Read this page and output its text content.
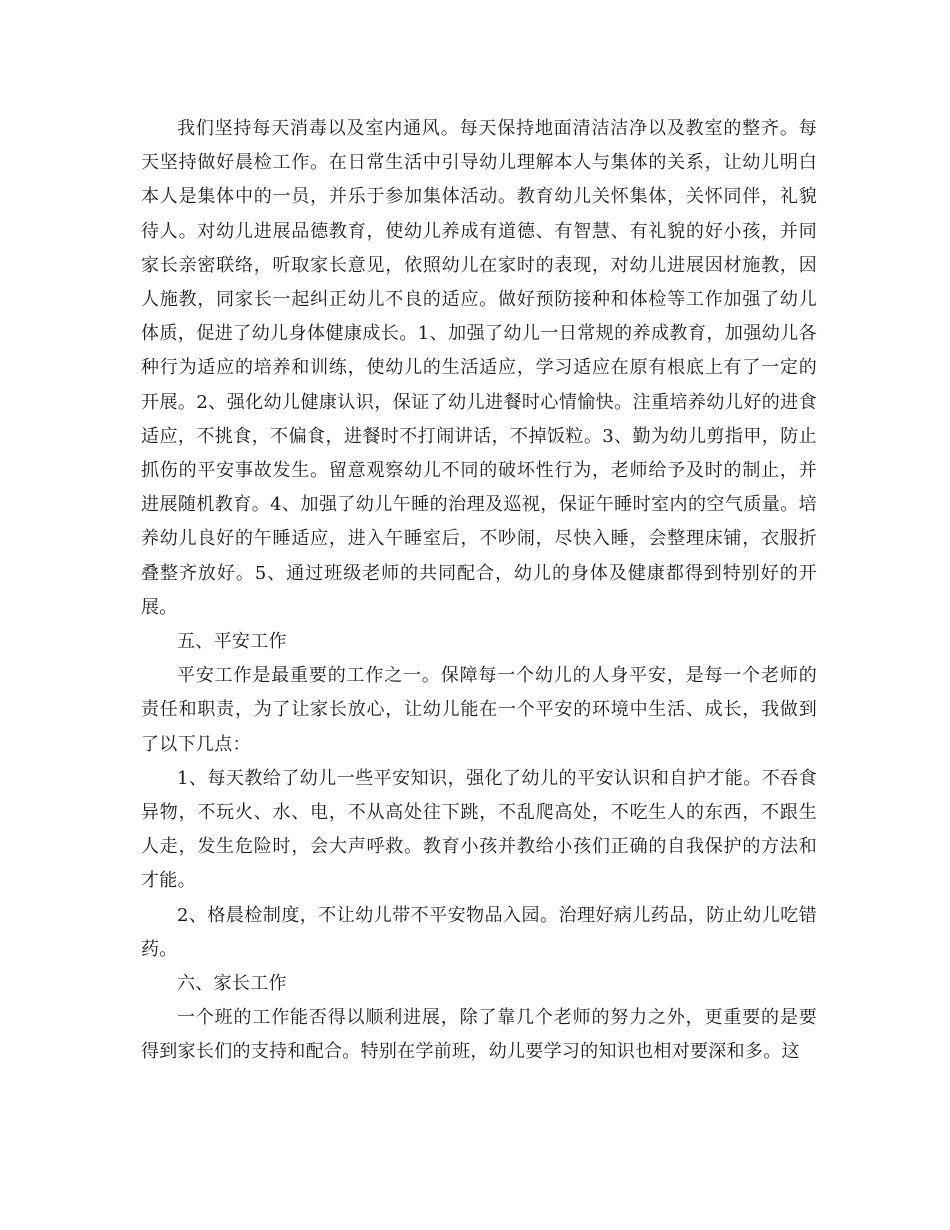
我们坚持每天消毒以及室内通风。每天保持地面清洁洁净以及教室的整齐。每天坚持做好晨检工作。在日常生活中引导幼儿理解本人与集体的关系，让幼儿明白本人是集体中的一员，并乐于参加集体活动。教育幼儿关怀集体，关怀同伴，礼貌待人。对幼儿进展品德教育，使幼儿养成有道德、有智慧、有礼貌的好小孩，并同家长亲密联络，听取家长意见，依照幼儿在家时的表现，对幼儿进展因材施教，因人施教，同家长一起纠正幼儿不良的适应。做好预防接种和体检等工作加强了幼儿体质，促进了幼儿身体健康成长。1、加强了幼儿一日常规的养成教育，加强幼儿各种行为适应的培养和训练，使幼儿的生活适应，学习适应在原有根底上有了一定的开展。2、强化幼儿健康认识，保证了幼儿进餐时心情愉快。注重培养幼儿好的进食适应，不挑食，不偏食，进餐时不打闹讲话，不掉饭粒。3、勤为幼儿剪指甲，防止抓伤的平安事故发生。留意观察幼儿不同的破坏性行为，老师给予及时的制止，并进展随机教育。4、加强了幼儿午睡的治理及巡视，保证午睡时室内的空气质量。培养幼儿良好的午睡适应，进入午睡室后，不吵闹，尽快入睡，会整理床铺，衣服折叠整齐放好。5、通过班级老师的共同配合，幼儿的身体及健康都得到特别好的开展。

五、平安工作

平安工作是最重要的工作之一。保障每一个幼儿的人身平安，是每一个老师的责任和职责，为了让家长放心，让幼儿能在一个平安的环境中生活、成长，我做到了以下几点：

1、每天教给了幼儿一些平安知识，强化了幼儿的平安认识和自护才能。不吞食异物，不玩火、水、电，不从高处往下跳，不乱爬高处，不吃生人的东西，不跟生人走，发生危险时，会大声呼救。教育小孩并教给小孩们正确的自我保护的方法和才能。

2、格晨检制度，不让幼儿带不平安物品入园。治理好病儿药品，防止幼儿吃错药。

六、家长工作

一个班的工作能否得以顺利进展，除了靠几个老师的努力之外，更重要的是要得到家长们的支持和配合。特别在学前班，幼儿要学习的知识也相对要深和多。这
